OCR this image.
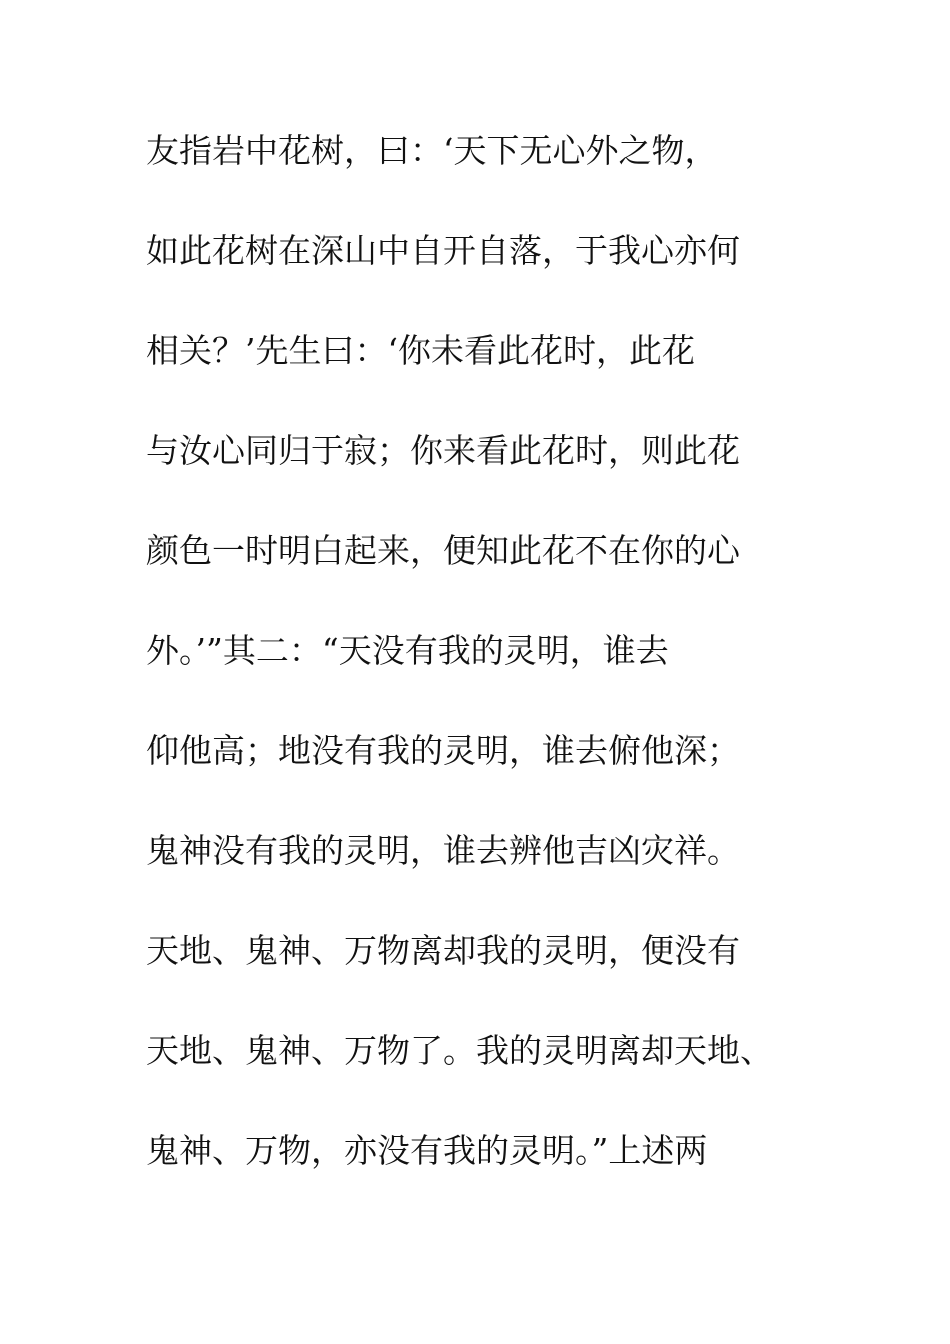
友指岩中花树，曰：‘天下无心外之物，
如此花树在深山中自开自落，于我心亦何
相关？’先生曰：‘你未看此花时，此花
与汝心同归于寂；你来看此花时，则此花
颜色一时明白起来，便知此花不在你的心
外。’”其二：“天没有我的灵明，谁去
仰他高；地没有我的灵明，谁去俯他深；
鬼神没有我的灵明，谁去辨他吉凶灾祥。
天地、鬼神、万物离却我的灵明，便没有
天地、鬼神、万物了。我的灵明离却天地、
鬼神、万物，亦没有我的灵明。”上述两
